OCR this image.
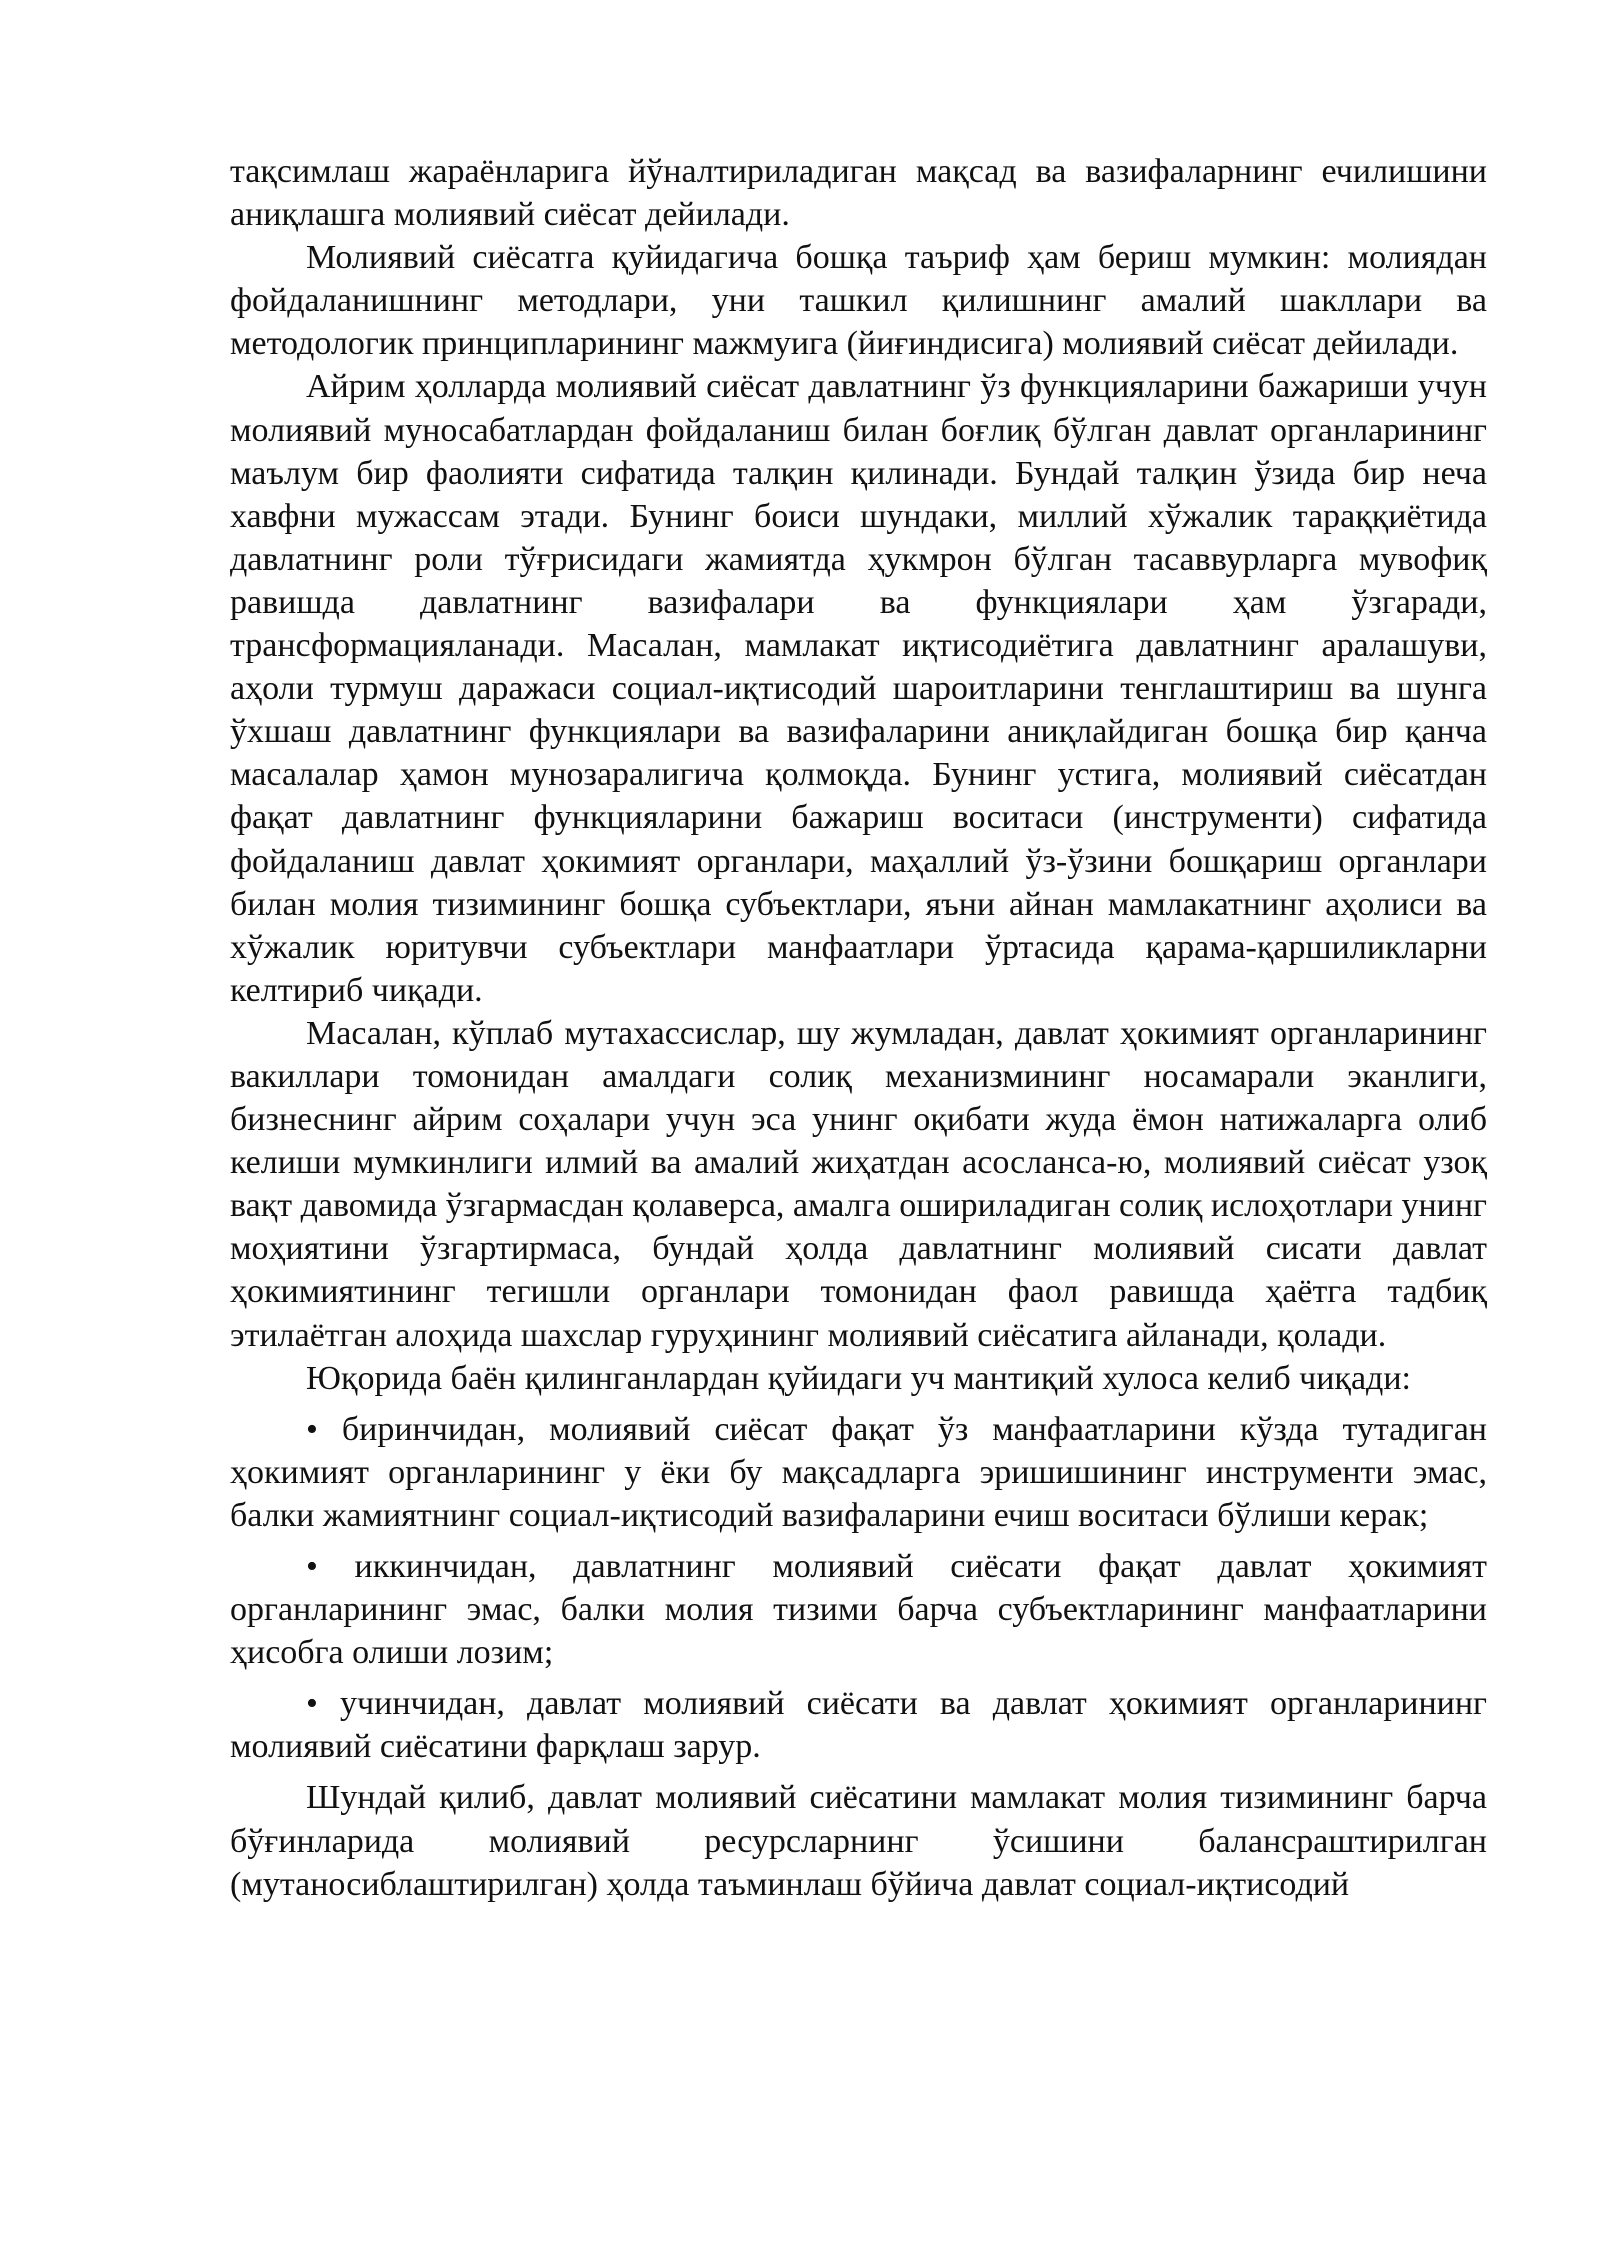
тақсимлаш жараёнларига йўналтириладиган мақсад ва вазифаларнинг ечилишини аниқлашга молиявий сиёсат дейилади.

Молиявий сиёсатга қуйидагича бошқа таъриф ҳам бериш мумкин: молиядан фойдаланишнинг методлари, уни ташкил қилишнинг амалий шакллари ва методологик принципларининг мажмуига (йиғиндисига) молиявий сиёсат дейилади.

Айрим ҳолларда молиявий сиёсат давлатнинг ўз функцияларини бажариши учун молиявий муносабатлардан фойдаланиш билан боғлиқ бўлган давлат органларининг маълум бир фаолияти сифатида талқин қилинади. Бундай талқин ўзида бир неча хавфни мужассам этади. Бунинг боиси шундаки, миллий хўжалик тараққиётида давлатнинг роли тўғрисидаги жамиятда ҳукмрон бўлган тасаввурларга мувофиқ равишда давлатнинг вазифалари ва функциялари ҳам ўзгаради, трансформацияланади. Масалан, мамлакат иқтисодиётига давлатнинг аралашуви, аҳоли турмуш даражаси социал-иқтисодий шароитларини тенглаштириш ва шунга ўхшаш давлатнинг функциялари ва вазифаларини аниқлайдиган бошқа бир қанча масалалар ҳамон мунозаралигича қолмоқда. Бунинг устига, молиявий сиёсатдан фақат давлатнинг функцияларини бажариш воситаси (инструменти) сифатида фойдаланиш давлат ҳокимият органлари, маҳаллий ўз-ўзини бошқариш органлари билан молия тизимининг бошқа субъектлари, яъни айнан мамлакатнинг аҳолиси ва хўжалик юритувчи субъектлари манфаатлари ўртасида қарама-қаршиликларни келтириб чиқади.

Масалан, кўплаб мутахассислар, шу жумладан, давлат ҳокимият органларининг вакиллари томонидан амалдаги солиқ механизмининг носамарали эканлиги, бизнеснинг айрим соҳалари учун эса унинг оқибати жуда ёмон натижаларга олиб келиши мумкинлиги илмий ва амалий жиҳатдан асосланса-ю, молиявий сиёсат узоқ вақт давомида ўзгармасдан қолаверса, амалга ошириладиган солиқ ислоҳотлари унинг моҳиятини ўзгартирмаса, бундай ҳолда давлатнинг молиявий сисати давлат ҳокимиятининг тегишли органлари томонидан фаол равишда ҳаётга тадбиқ этилаётган алоҳида шахслар гуруҳининг молиявий сиёсатига айланади, қолади.

Юқорида баён қилинганлардан қуйидаги уч мантиқий хулоса келиб чиқади:

• биринчидан, молиявий сиёсат фақат ўз манфаатларини кўзда тутадиган ҳокимият органларининг у ёки бу мақсадларга эришишининг инструменти эмас, балки жамиятнинг социал-иқтисодий вазифаларини ечиш воситаси бўлиши керак;

• иккинчидан, давлатнинг молиявий сиёсати фақат давлат ҳокимият органларининг эмас, балки молия тизими барча субъектларининг манфаатларини ҳисобга олиши лозим;

• учинчидан, давлат молиявий сиёсати ва давлат ҳокимият органларининг молиявий сиёсатини фарқлаш зарур.

Шундай қилиб, давлат молиявий сиёсатини мамлакат молия тизимининг барча бўғинларида молиявий ресурсларнинг ўсишини балансраштирилган (мутаносиблаштирилган) ҳолда таъминлаш бўйича давлат социал-иқтисодий
